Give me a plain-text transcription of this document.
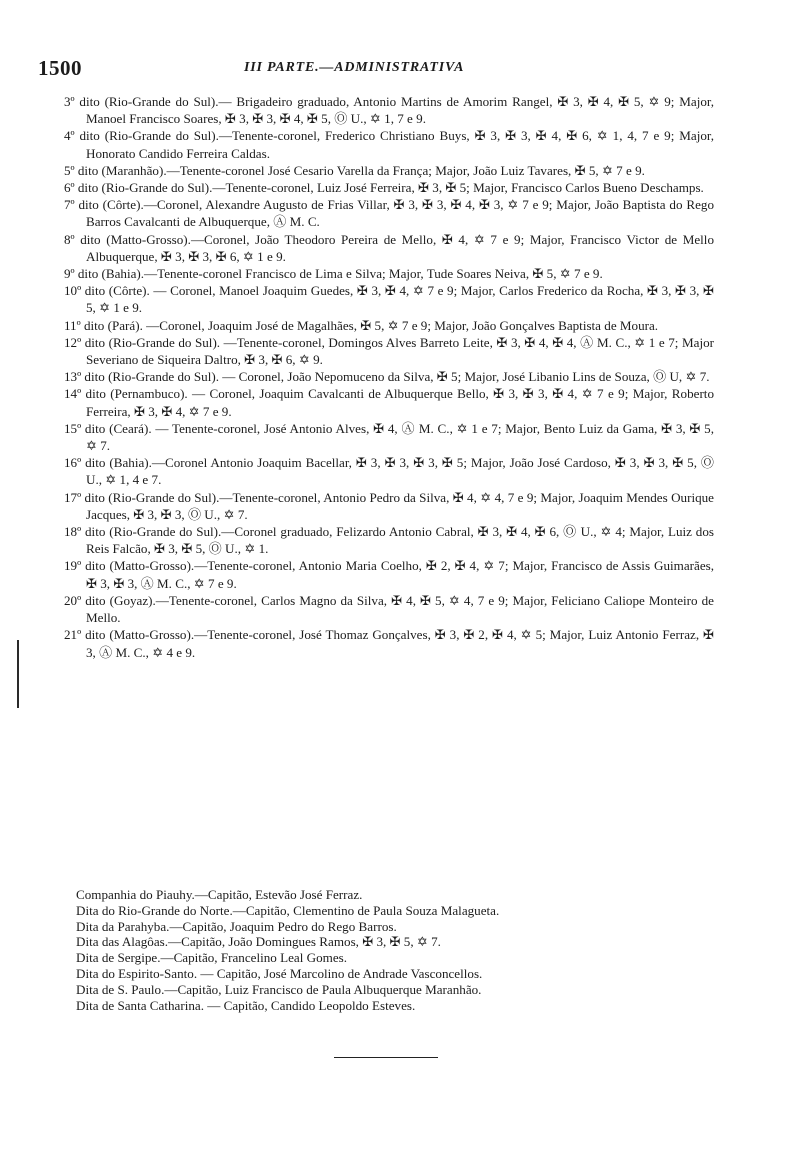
1500	III PARTE.—ADMINISTRATIVA

3º dito (Rio-Grande do Sul).— Brigadeiro graduado, Antonio Martins de Amorim Rangel, ✠ 3, ✠ 4, ✠ 5, ✡ 9; Major, Manoel Francisco Soares, ✠ 3, ✠ 3, ✠ 4, ✠ 5, Ⓞ U., ✡ 1, 7 e 9.

4º dito (Rio-Grande do Sul).—Tenente-coronel, Frederico Christiano Buys, ✠ 3, ✠ 3, ✠ 4, ✠ 6, ✡ 1, 4, 7 e 9; Major, Honorato Candido Ferreira Caldas.

5º dito (Maranhão).—Tenente-coronel José Cesario Varella da França; Major, João Luiz Tavares, ✠ 5, ✡ 7 e 9.

6º dito (Rio-Grande do Sul).—Tenente-coronel, Luiz José Ferreira, ✠ 3, ✠ 5; Major, Francisco Carlos Bueno Deschamps.

7º dito (Côrte).—Coronel, Alexandre Augusto de Frias Villar, ✠ 3, ✠ 3, ✠ 4, ✠ 3, ✡ 7 e 9; Major, João Baptista do Rego Barros Cavalcanti de Albuquerque, Ⓐ M. C.

8º dito (Matto-Grosso).—Coronel, João Theodoro Pereira de Mello, ✠ 4, ✡ 7 e 9; Major, Francisco Victor de Mello Albuquerque, ✠ 3, ✠ 3, ✠ 6, ✡ 1 e 9.

9º dito (Bahia).—Tenente-coronel Francisco de Lima e Silva; Major, Tude Soares Neiva, ✠ 5, ✡ 7 e 9.

10º dito (Côrte). — Coronel, Manoel Joaquim Guedes, ✠ 3, ✠ 4, ✡ 7 e 9; Major, Carlos Frederico da Rocha, ✠ 3, ✠ 3, ✠ 5, ✡ 1 e 9.

11º dito (Pará). —Coronel, Joaquim José de Magalhães, ✠ 5, ✡ 7 e 9; Major, João Gonçalves Baptista de Moura.

12º dito (Rio-Grande do Sul). —Tenente-coronel, Domingos Alves Barreto Leite, ✠ 3, ✠ 4, ✠ 4, Ⓐ M. C., ✡ 1 e 7; Major Severiano de Siqueira Daltro, ✠ 3, ✠ 6, ✡ 9.

13º dito (Rio-Grande do Sul). — Coronel, João Nepomuceno da Silva, ✠ 5; Major, José Libanio Lins de Souza, Ⓞ U, ✡ 7.

14º dito (Pernambuco). — Coronel, Joaquim Cavalcanti de Albuquerque Bello, ✠ 3, ✠ 3, ✠ 4, ✡ 7 e 9; Major, Roberto Ferreira, ✠ 3, ✠ 4, ✡ 7 e 9.

15º dito (Ceará). — Tenente-coronel, José Antonio Alves, ✠ 4, Ⓐ M. C., ✡ 1 e 7; Major, Bento Luiz da Gama, ✠ 3, ✠ 5, ✡ 7.

16º dito (Bahia).—Coronel Antonio Joaquim Bacellar, ✠ 3, ✠ 3, ✠ 3, ✠ 5; Major, João José Cardoso, ✠ 3, ✠ 3, ✠ 5, Ⓞ U., ✡ 1, 4 e 7.

17º dito (Rio-Grande do Sul).—Tenente-coronel, Antonio Pedro da Silva, ✠ 4, ✡ 4, 7 e 9; Major, Joaquim Mendes Ourique Jacques, ✠ 3, ✠ 3, Ⓞ U., ✡ 7.

18º dito (Rio-Grande do Sul).—Coronel graduado, Felizardo Antonio Cabral, ✠ 3, ✠ 4, ✠ 6, Ⓞ U., ✡ 4; Major, Luiz dos Reis Falcão, ✠ 3, ✠ 5, Ⓞ U., ✡ 1.

19º dito (Matto-Grosso).—Tenente-coronel, Antonio Maria Coelho, ✠ 2, ✠ 4, ✡ 7; Major, Francisco de Assis Guimarães, ✠ 3, ✠ 3, Ⓐ M. C., ✡ 7 e 9.

20º dito (Goyaz).—Tenente-coronel, Carlos Magno da Silva, ✠ 4, ✠ 5, ✡ 4, 7 e 9; Major, Feliciano Caliope Monteiro de Mello.

21º dito (Matto-Grosso).—Tenente-coronel, José Thomaz Gonçalves, ✠ 3, ✠ 2, ✠ 4, ✡ 5; Major, Luiz Antonio Ferraz, ✠ 3, Ⓐ M. C., ✡ 4 e 9.

Companhia do Piauhy.—Capitão, Estevão José Ferraz.

Dita do Rio-Grande do Norte.—Capitão, Clementino de Paula Souza Malagueta.

Dita da Parahyba.—Capitão, Joaquim Pedro do Rego Barros.

Dita das Alagôas.—Capitão, João Domingues Ramos, ✠ 3, ✠ 5, ✡ 7.

Dita de Sergipe.—Capitão, Francelino Leal Gomes.

Dita do Espirito-Santo. — Capitão, José Marcolino de Andrade Vasconcellos.

Dita de S. Paulo.—Capitão, Luiz Francisco de Paula Albuquerque Maranhão.

Dita de Santa Catharina. — Capitão, Candido Leopoldo Esteves.
